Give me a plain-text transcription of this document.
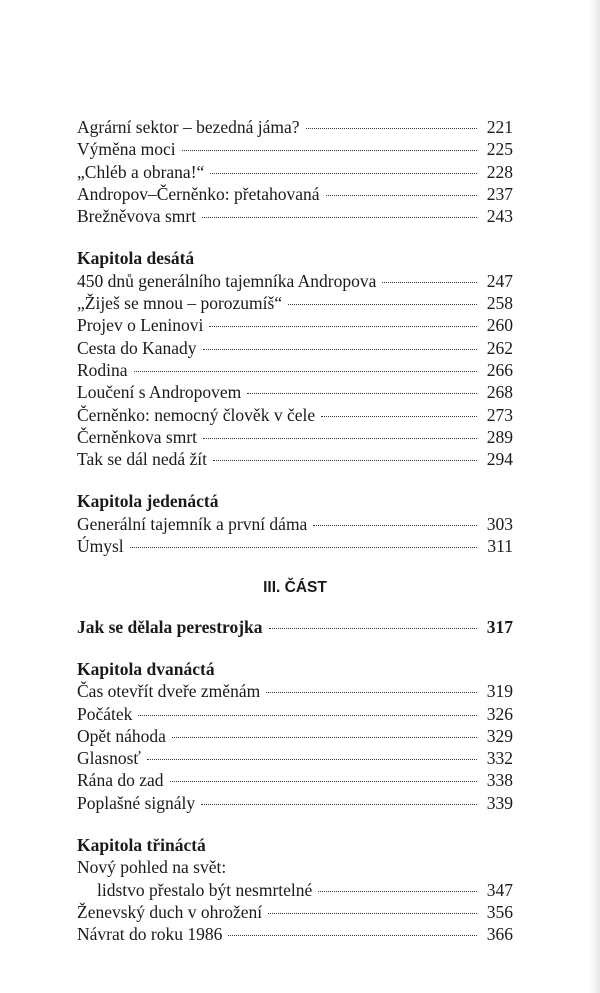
Agrární sektor – bezedná jáma?	221
Výměna moci	225
„Chléb a obrana!“	228
Andropov–Černěnko: přetahovaná	237
Brežněvova smrt	243
Kapitola desátá
450 dnů generálního tajemníka Andropova	247
„Žiješ se mnou – porozumíš“	258
Projev o Leninovi	260
Cesta do Kanady	262
Rodina	266
Loučení s Andropovem	268
Černěnko: nemocný člověk v čele	273
Černěnkova smrt	289
Tak se dál nedá žít	294
Kapitola jedenáctá
Generální tajemník a první dáma	303
Úmysl	311
III. ČÁST
Jak se dělala perestrojka	317
Kapitola dvanáctá
Čas otevřít dveře změnám	319
Počátek	326
Opět náhoda	329
Glasnosť	332
Rána do zad	338
Poplašné signály	339
Kapitola třináctá
Nový pohled na svět:
lidstvo přestalo být nesmrtelné	347
Ženevský duch v ohrožení	356
Návrat do roku 1986	366
